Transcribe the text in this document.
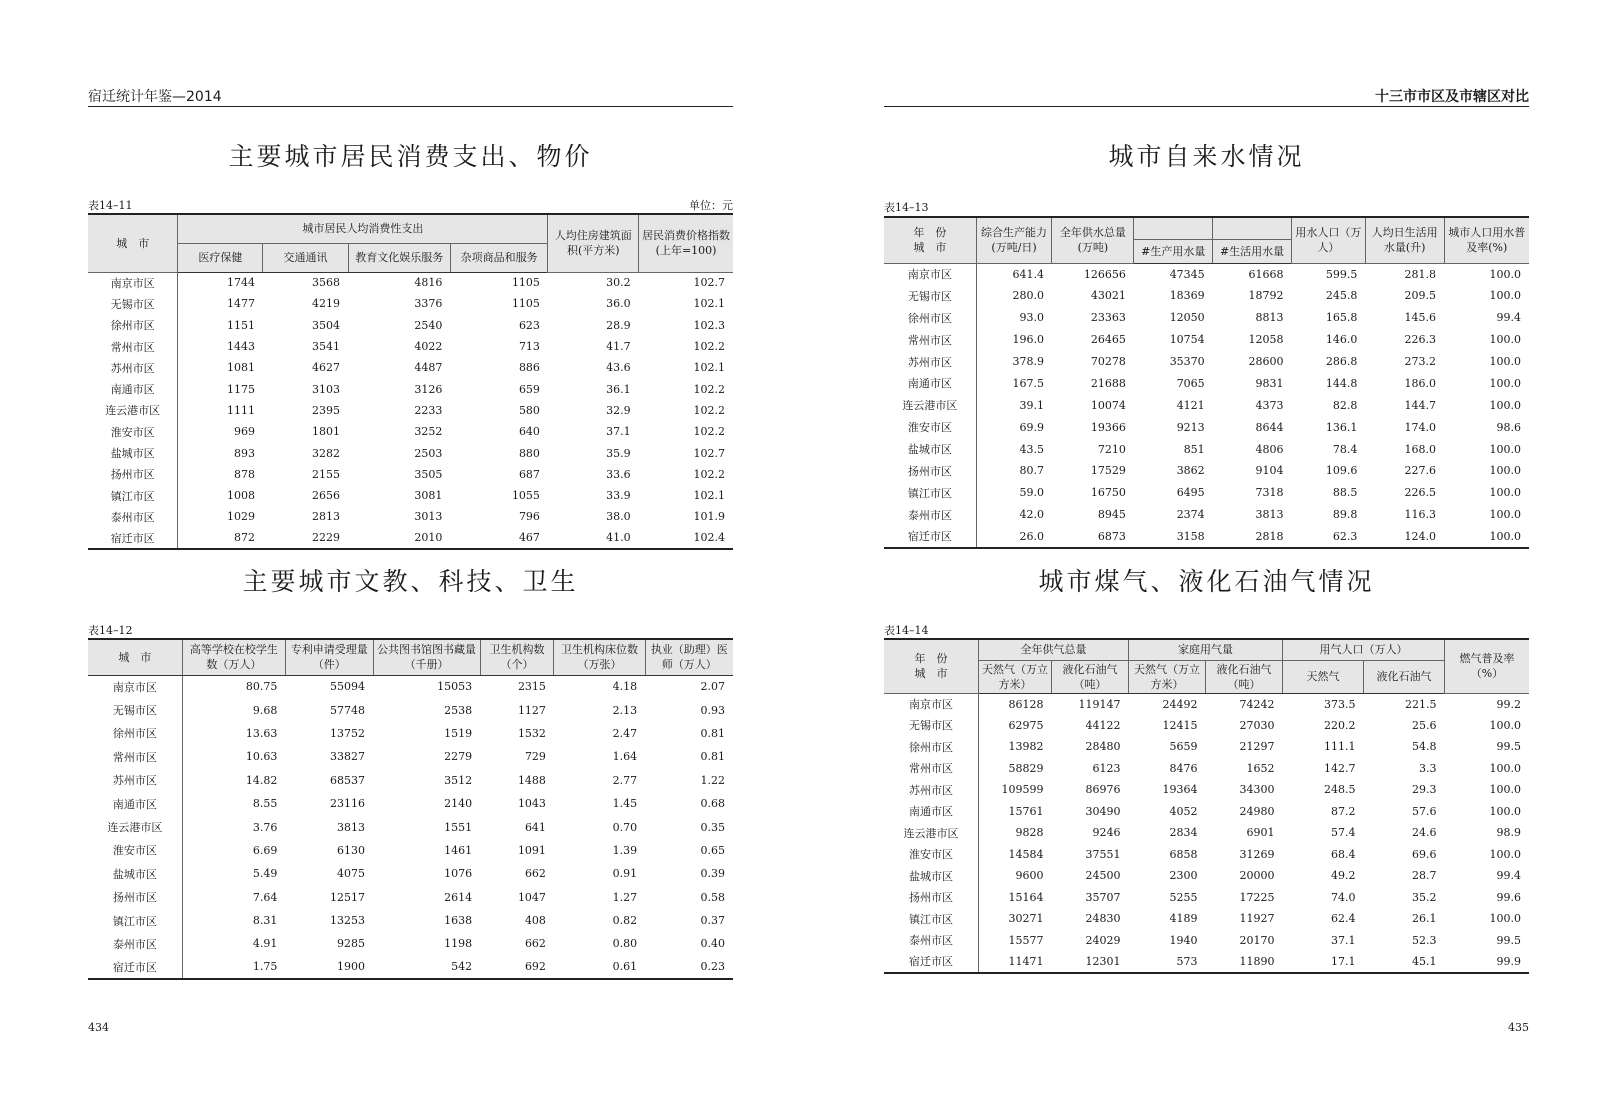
宿迁统计年鉴—2014
主要城市居民消费支出、物价
表14–11	单位：元
城　市	城市居民人均消费性支出				人均住房建筑面积(平方米)	居民消费价格指数(上年=100)
	医疗保健	交通通讯	教育文化娱乐服务	杂项商品和服务		
南京市区	1744	3568	4816	1105	30.2	102.7
无锡市区	1477	4219	3376	1105	36.0	102.1
徐州市区	1151	3504	2540	623	28.9	102.3
常州市区	1443	3541	4022	713	41.7	102.2
苏州市区	1081	4627	4487	886	43.6	102.1
南通市区	1175	3103	3126	659	36.1	102.2
连云港市区	1111	2395	2233	580	32.9	102.2
淮安市区	969	1801	3252	640	37.1	102.2
盐城市区	893	3282	2503	880	35.9	102.7
扬州市区	878	2155	3505	687	33.6	102.2
镇江市区	1008	2656	3081	1055	33.9	102.1
泰州市区	1029	2813	3013	796	38.0	101.9
宿迁市区	872	2229	2010	467	41.0	102.4
主要城市文教、科技、卫生
表14–12
城　市	高等学校在校学生数（万人）	专利申请受理量（件）	公共图书馆图书藏量（千册）	卫生机构数（个）	卫生机构床位数（万张）	执业（助理）医师（万人）
南京市区	80.75	55094	15053	2315	4.18	2.07
无锡市区	9.68	57748	2538	1127	2.13	0.93
徐州市区	13.63	13752	1519	1532	2.47	0.81
常州市区	10.63	33827	2279	729	1.64	0.81
苏州市区	14.82	68537	3512	1488	2.77	1.22
南通市区	8.55	23116	2140	1043	1.45	0.68
连云港市区	3.76	3813	1551	641	0.70	0.35
淮安市区	6.69	6130	1461	1091	1.39	0.65
盐城市区	5.49	4075	1076	662	0.91	0.39
扬州市区	7.64	12517	2614	1047	1.27	0.58
镇江市区	8.31	13253	1638	408	0.82	0.37
泰州市区	4.91	9285	1198	662	0.80	0.40
宿迁市区	1.75	1900	542	692	0.61	0.23
434
十三市市区及市辖区对比
城市自来水情况
表14–13
年　份
城　市	综合生产能力(万吨/日)	全年供水总量(万吨)			用水人口（万人）	人均日生活用水量(升)	城市人口用水普及率(%)
			#生产用水量	#生活用水量			
南京市区	641.4	126656	47345	61668	599.5	281.8	100.0
无锡市区	280.0	43021	18369	18792	245.8	209.5	100.0
徐州市区	93.0	23363	12050	8813	165.8	145.6	99.4
常州市区	196.0	26465	10754	12058	146.0	226.3	100.0
苏州市区	378.9	70278	35370	28600	286.8	273.2	100.0
南通市区	167.5	21688	7065	9831	144.8	186.0	100.0
连云港市区	39.1	10074	4121	4373	82.8	144.7	100.0
淮安市区	69.9	19366	9213	8644	136.1	174.0	98.6
盐城市区	43.5	7210	851	4806	78.4	168.0	100.0
扬州市区	80.7	17529	3862	9104	109.6	227.6	100.0
镇江市区	59.0	16750	6495	7318	88.5	226.5	100.0
泰州市区	42.0	8945	2374	3813	89.8	116.3	100.0
宿迁市区	26.0	6873	3158	2818	62.3	124.0	100.0
城市煤气、液化石油气情况
表14–14
年　份
城　市	全年供气总量		家庭用气量		用气人口（万人）		燃气普及率（%）
	天然气（万立方米）	液化石油气（吨）	天然气（万立方米）	液化石油气（吨）	天然气	液化石油气	
南京市区	86128	119147	24492	74242	373.5	221.5	99.2
无锡市区	62975	44122	12415	27030	220.2	25.6	100.0
徐州市区	13982	28480	5659	21297	111.1	54.8	99.5
常州市区	58829	6123	8476	1652	142.7	3.3	100.0
苏州市区	109599	86976	19364	34300	248.5	29.3	100.0
南通市区	15761	30490	4052	24980	87.2	57.6	100.0
连云港市区	9828	9246	2834	6901	57.4	24.6	98.9
淮安市区	14584	37551	6858	31269	68.4	69.6	100.0
盐城市区	9600	24500	2300	20000	49.2	28.7	99.4
扬州市区	15164	35707	5255	17225	74.0	35.2	99.6
镇江市区	30271	24830	4189	11927	62.4	26.1	100.0
泰州市区	15577	24029	1940	20170	37.1	52.3	99.5
宿迁市区	11471	12301	573	11890	17.1	45.1	99.9
435
